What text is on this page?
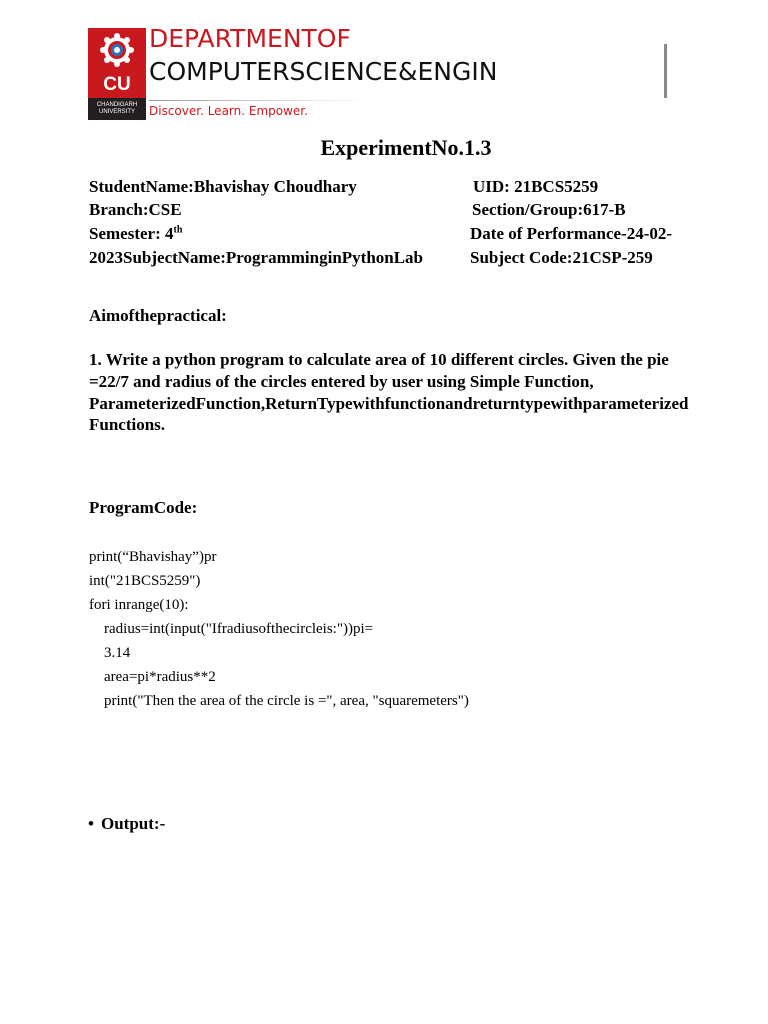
CU
CHANDIGARH
UNIVERSITY
DEPARTMENTOF
COMPUTERSCIENCE&ENGIN
Discover. Learn. Empower.
ExperimentNo.1.3
StudentName:Bhavishay Choudhary	UID: 21BCS5259
Branch:CSE	Section/Group:617-B
Semester: 4th	Date of Performance-24-02-
2023SubjectName:ProgramminginPythonLab	Subject Code:21CSP-259
Aimofthepractical:
1. Write a python program to calculate area of 10 different circles. Given the pie
=22/7 and radius of the circles entered by user using Simple Function,
ParameterizedFunction,ReturnTypewithfunctionandreturntypewithparameterized
Functions.
ProgramCode:
print(“Bhavishay”)pr
int("21BCS5259")
fori inrange(10):
radius=int(input("Ifradiusofthecircleis:"))pi=
3.14
area=pi*radius**2
print("Then the area of the circle is =", area, "squaremeters")
• Output:-
